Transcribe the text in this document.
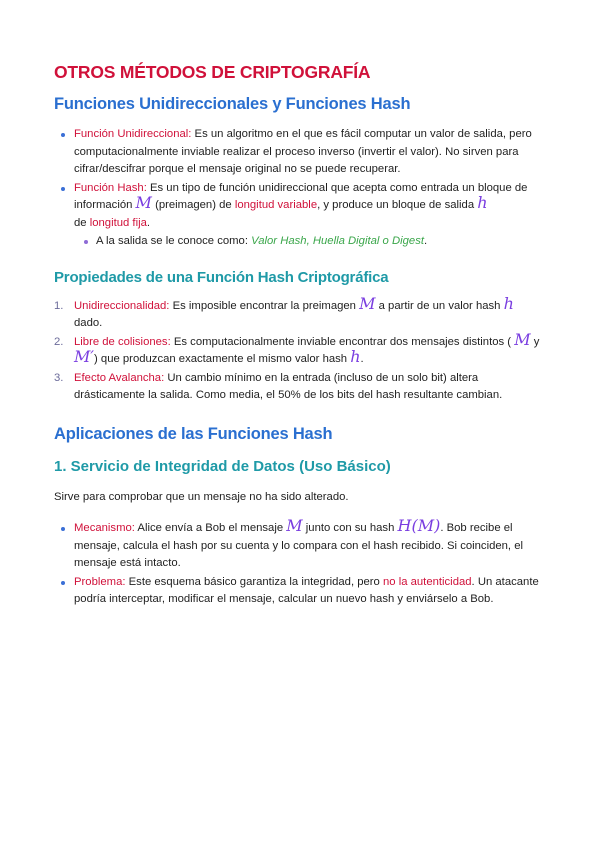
OTROS MÉTODOS DE CRIPTOGRAFÍA
Funciones Unidireccionales y Funciones Hash
Función Unidireccional: Es un algoritmo en el que es fácil computar un valor de salida, pero computacionalmente inviable realizar el proceso inverso (invertir el valor). No sirven para cifrar/descifrar porque el mensaje original no se puede recuperar.
Función Hash: Es un tipo de función unidireccional que acepta como entrada un bloque de información M (preimagen) de longitud variable, y produce un bloque de salida h
de longitud fija.
A la salida se le conoce como: Valor Hash, Huella Digital o Digest.
Propiedades de una Función Hash Criptográfica
1. Unidireccionalidad: Es imposible encontrar la preimagen M a partir de un valor hash h
dado.
2. Libre de colisiones: Es computacionalmente inviable encontrar dos mensajes distintos ( M y M′) que produzcan exactamente el mismo valor hash h.
3. Efecto Avalancha: Un cambio mínimo en la entrada (incluso de un solo bit) altera drásticamente la salida. Como media, el 50% de los bits del hash resultante cambian.
Aplicaciones de las Funciones Hash
1. Servicio de Integridad de Datos (Uso Básico)

Sirve para comprobar que un mensaje no ha sido alterado.

Mecanismo: Alice envía a Bob el mensaje M junto con su hash H(M). Bob recibe el mensaje, calcula el hash por su cuenta y lo compara con el hash recibido. Si coinciden, el mensaje está intacto.
Problema: Este esquema básico garantiza la integridad, pero no la autenticidad. Un atacante podría interceptar, modificar el mensaje, calcular un nuevo hash y enviárselo a Bob.
